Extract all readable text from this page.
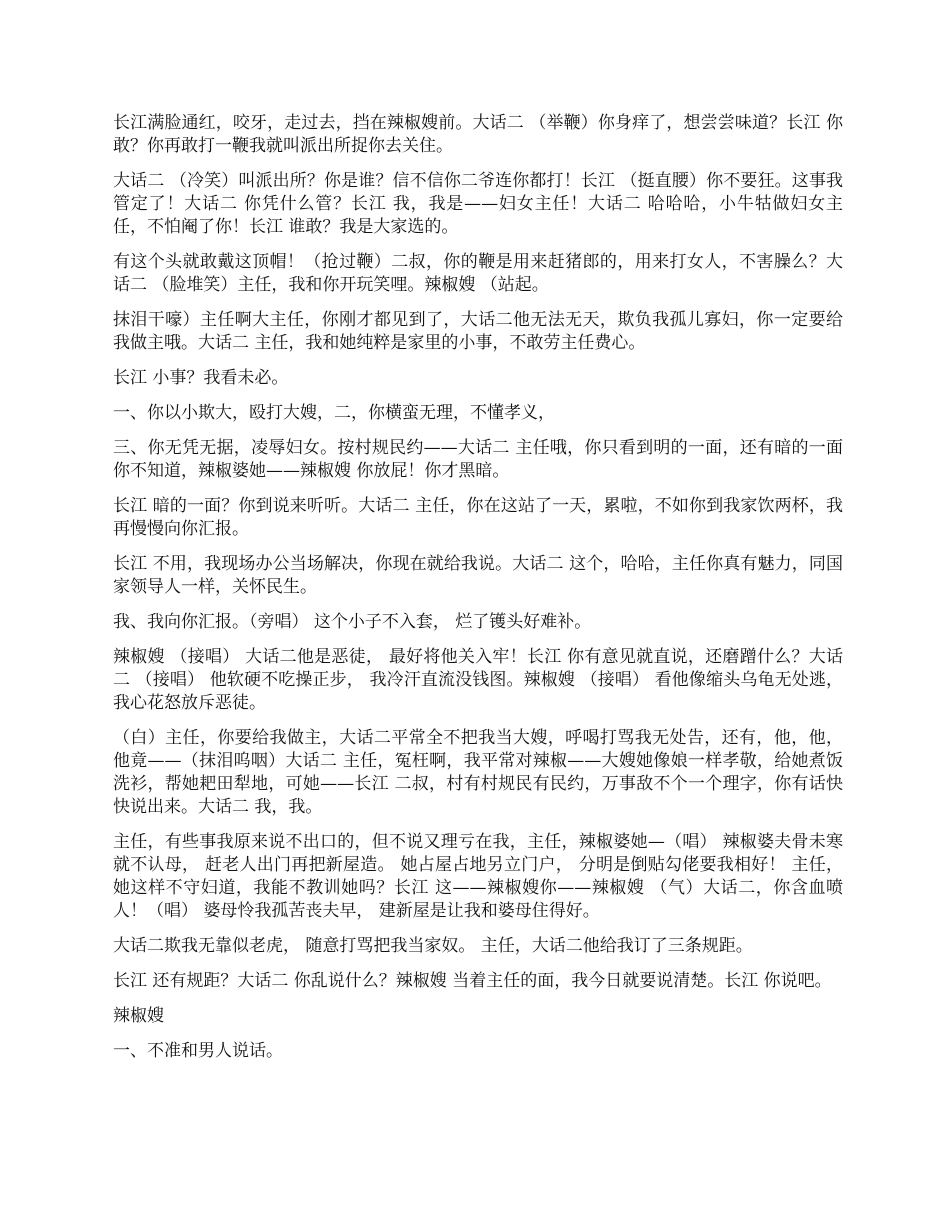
长江满脸通红，咬牙，走过去，挡在辣椒嫂前。大话二 （举鞭）你身痒了，想尝尝味道？长江 你敢？你再敢打一鞭我就叫派出所捉你去关住。

大话二 （冷笑）叫派出所？你是谁？信不信你二爷连你都打！长江 （挺直腰）你不要狂。这事我管定了！大话二 你凭什么管？长江 我，我是——妇女主任！大话二 哈哈哈，小牛牯做妇女主任，不怕阉了你！长江 谁敢？我是大家选的。

有这个头就敢戴这顶帽！（抢过鞭）二叔，你的鞭是用来赶猪郎的，用来打女人，不害臊么？大话二 （脸堆笑）主任，我和你开玩笑哩。辣椒嫂 （站起。

抹泪干嚎）主任啊大主任，你刚才都见到了，大话二他无法无天，欺负我孤儿寡妇，你一定要给我做主哦。大话二 主任，我和她纯粹是家里的小事，不敢劳主任费心。

长江 小事？我看未必。

一、你以小欺大，殴打大嫂，二，你横蛮无理，不懂孝义，

三、你无凭无据，凌辱妇女。按村规民约——大话二 主任哦，你只看到明的一面，还有暗的一面你不知道，辣椒婆她——辣椒嫂 你放屁！你才黑暗。

长江 暗的一面？你到说来听听。大话二 主任，你在这站了一天，累啦，不如你到我家饮两杯，我再慢慢向你汇报。

长江 不用，我现场办公当场解决，你现在就给我说。大话二 这个，哈哈，主任你真有魅力，同国家领导人一样，关怀民生。

我、我向你汇报。（旁唱） 这个小子不入套， 烂了镬头好难补。

辣椒嫂 （接唱） 大话二他是恶徒， 最好将他关入牢！长江 你有意见就直说，还磨蹭什么？大话二 （接唱） 他软硬不吃操正步， 我冷汗直流没钱图。辣椒嫂 （接唱） 看他像缩头乌龟无处逃， 我心花怒放斥恶徒。

（白）主任，你要给我做主，大话二平常全不把我当大嫂，呼喝打骂我无处告，还有，他，他，他竟——（抹泪呜咽）大话二 主任，冤枉啊，我平常对辣椒——大嫂她像娘一样孝敬，给她煮饭洗衫，帮她耙田犁地，可她——长江 二叔，村有村规民有民约，万事敌不个一个理字，你有话快快说出来。大话二 我，我。

主任，有些事我原来说不出口的，但不说又理亏在我，主任，辣椒婆她—（唱） 辣椒婆夫骨未寒就不认母， 赶老人出门再把新屋造。 她占屋占地另立门户， 分明是倒贴勾佬要我相好！ 主任，她这样不守妇道，我能不教训她吗？长江 这——辣椒嫂你——辣椒嫂 （气）大话二，你含血喷人！（唱） 婆母怜我孤苦丧夫早， 建新屋是让我和婆母住得好。

大话二欺我无靠似老虎， 随意打骂把我当家奴。 主任，大话二他给我订了三条规距。

长江 还有规距？大话二 你乱说什么？辣椒嫂 当着主任的面，我今日就要说清楚。长江 你说吧。

辣椒嫂

一、不准和男人说话。
